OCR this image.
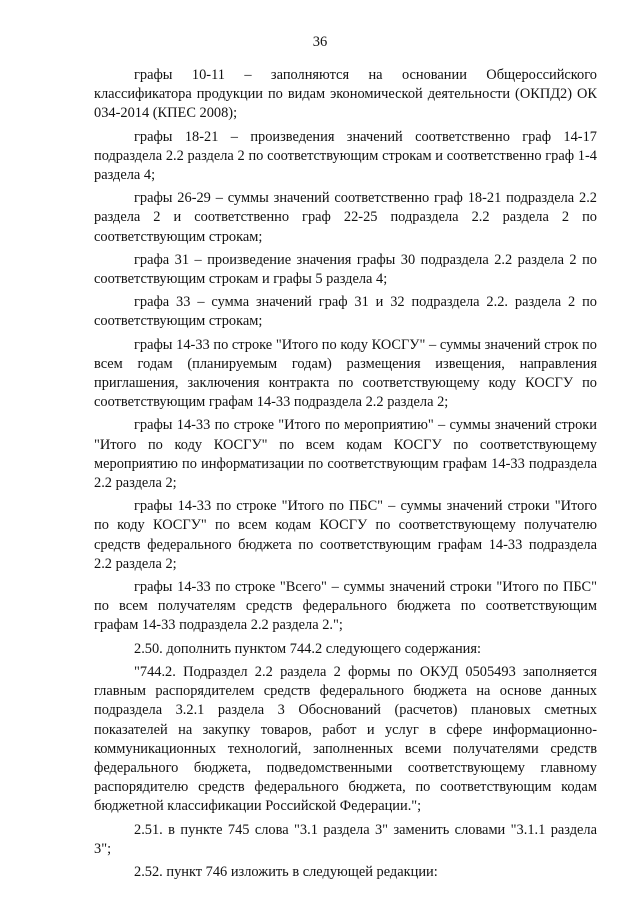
36

графы 10-11 – заполняются на основании Общероссийского классификатора продукции по видам экономической деятельности (ОКПД2) ОК 034-2014 (КПЕС 2008);

графы 18-21 – произведения значений соответственно граф 14-17 подраздела 2.2 раздела 2 по соответствующим строкам и соответственно граф 1-4 раздела 4;

графы 26-29 – суммы значений соответственно граф 18-21 подраздела 2.2 раздела 2 и соответственно граф 22-25 подраздела 2.2 раздела 2 по соответствующим строкам;

графа 31 – произведение значения графы 30 подраздела 2.2 раздела 2 по соответствующим строкам и графы 5 раздела 4;

графа 33 – сумма значений граф 31 и 32 подраздела 2.2. раздела 2 по соответствующим строкам;

графы 14-33 по строке "Итого по коду КОСГУ" – суммы значений строк по всем годам (планируемым годам) размещения извещения, направления приглашения, заключения контракта по соответствующему коду КОСГУ по соответствующим графам 14-33 подраздела 2.2 раздела 2;

графы 14-33 по строке "Итого по мероприятию" – суммы значений строки "Итого по коду КОСГУ" по всем кодам КОСГУ по соответствующему мероприятию по информатизации по соответствующим графам 14-33 подраздела 2.2 раздела 2;

графы 14-33 по строке "Итого по ПБС" – суммы значений строки "Итого по коду КОСГУ" по всем кодам КОСГУ по соответствующему получателю средств федерального бюджета по соответствующим графам 14-33 подраздела 2.2 раздела 2;

графы 14-33 по строке "Всего" – суммы значений строки "Итого по ПБС" по всем получателям средств федерального бюджета по соответствующим графам 14-33 подраздела 2.2 раздела 2.";

2.50. дополнить пунктом 744.2 следующего содержания:

"744.2. Подраздел 2.2 раздела 2 формы по ОКУД 0505493 заполняется главным распорядителем средств федерального бюджета на основе данных подраздела 3.2.1 раздела 3 Обоснований (расчетов) плановых сметных показателей на закупку товаров, работ и услуг в сфере информационно-коммуникационных технологий, заполненных всеми получателями средств федерального бюджета, подведомственными соответствующему главному распорядителю средств федерального бюджета, по соответствующим кодам бюджетной классификации Российской Федерации.";

2.51. в пункте 745 слова "3.1 раздела 3" заменить словами "3.1.1 раздела 3";

2.52. пункт 746 изложить в следующей редакции:
